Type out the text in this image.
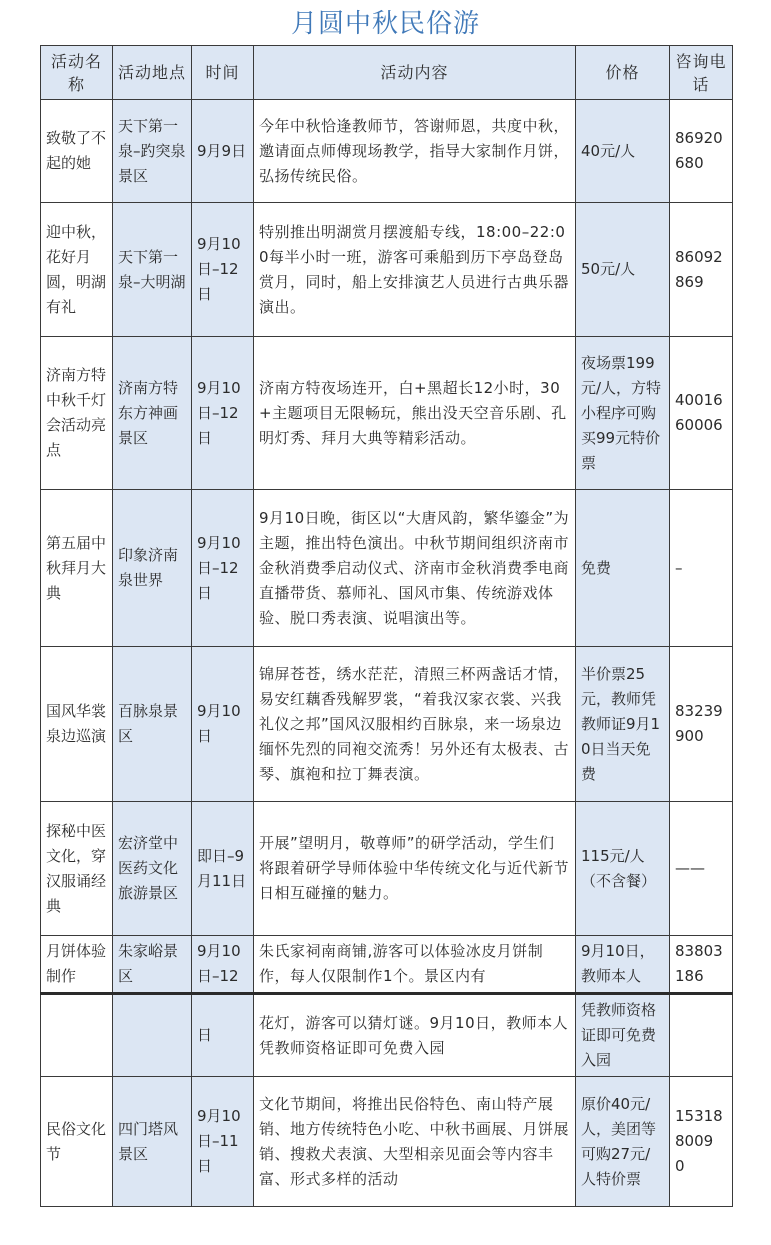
月圆中秋民俗游
活动名称	活动地点	时间	活动内容	价格	咨询电话
致敬了不起的她	天下第一泉–趵突泉景区	9月9日	今年中秋恰逢教师节，答谢师恩，共度中秋，邀请面点师傅现场教学，指导大家制作月饼，弘扬传统民俗。	40元/人	86920680
迎中秋，花好月圆，明湖有礼	天下第一泉–大明湖	9月10日–12日	特别推出明湖赏月摆渡船专线，18:00–22:00每半小时一班，游客可乘船到历下亭岛登岛赏月，同时，船上安排演艺人员进行古典乐器演出。	50元/人	86092869
济南方特中秋千灯会活动亮点	济南方特东方神画景区	9月10日–12日	济南方特夜场连开，白+黑超长12小时，30+主题项目无限畅玩，熊出没天空音乐剧、孔明灯秀、拜月大典等精彩活动。	夜场票199元/人，方特小程序可购买99元特价票	4001660006
第五届中秋拜月大典	印象济南泉世界	9月10日–12日	9月10日晚，街区以“大唐风韵，繁华鎏金”为主题，推出特色演出。中秋节期间组织济南市金秋消费季启动仪式、济南市金秋消费季电商直播带货、慕师礼、国风市集、传统游戏体验、脱口秀表演、说唱演出等。	免费	–
国风华裳泉边巡演	百脉泉景区	9月10日	锦屏苍苍，绣水茫茫，清照三杯两盏话才情，易安红藕香残解罗裳，“着我汉家衣裳、兴我礼仪之邦”国风汉服相约百脉泉，来一场泉边缅怀先烈的同袍交流秀！另外还有太极表、古琴、旗袍和拉丁舞表演。	半价票25元，教师凭教师证9月10日当天免费	83239900
探秘中医文化，穿汉服诵经典	宏济堂中医药文化旅游景区	即日–9月11日	开展”望明月，敬尊师”的研学活动，学生们将跟着研学导师体验中华传统文化与近代新节日相互碰撞的魅力。	115元/人（不含餐）	——
月饼体验制作	朱家峪景区	9月10日–12	朱氏家祠南商铺,游客可以体验冰皮月饼制作，每人仅限制作1个。景区内有	9月10日，教师本人	83803186
		日	花灯，游客可以猜灯谜。9月10日，教师本人凭教师资格证即可免费入园	凭教师资格证即可免费入园	
民俗文化节	四门塔风景区	9月10日–11日	文化节期间，将推出民俗特色、南山特产展销、地方传统特色小吃、中秋书画展、月饼展销、搜救犬表演、大型相亲见面会等内容丰富、形式多样的活动	原价40元/人，美团等可购27元/人特价票	153188009 0
